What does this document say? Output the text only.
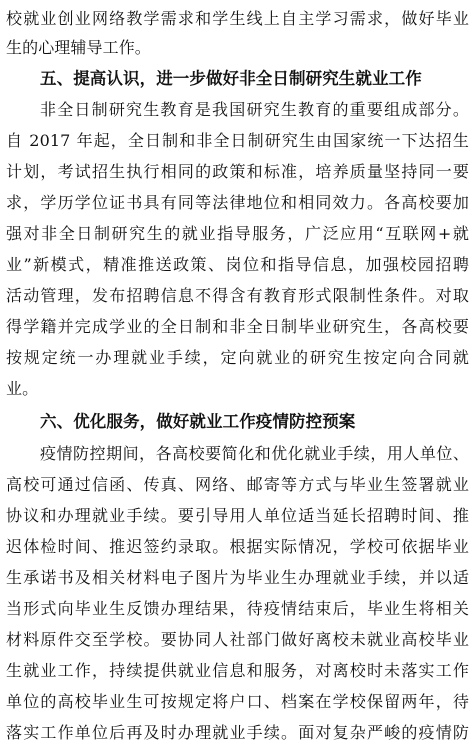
校就业创业网络教学需求和学生线上自主学习需求，做好毕业
生的心理辅导工作。
五、提高认识，进一步做好非全日制研究生就业工作
非全日制研究生教育是我国研究生教育的重要组成部分。
自 2017 年起，全日制和非全日制研究生由国家统一下达招生
计划，考试招生执行相同的政策和标准，培养质量坚持同一要
求，学历学位证书具有同等法律地位和相同效力。各高校要加
强对非全日制研究生的就业指导服务，广泛应用“互联网+就
业”新模式，精准推送政策、岗位和指导信息，加强校园招聘
活动管理，发布招聘信息不得含有教育形式限制性条件。对取
得学籍并完成学业的全日制和非全日制毕业研究生，各高校要
按规定统一办理就业手续，定向就业的研究生按定向合同就
业。
六、优化服务，做好就业工作疫情防控预案
疫情防控期间，各高校要简化和优化就业手续，用人单位、
高校可通过信函、传真、网络、邮寄等方式与毕业生签署就业
协议和办理就业手续。要引导用人单位适当延长招聘时间、推
迟体检时间、推迟签约录取。根据实际情况，学校可依据毕业
生承诺书及相关材料电子图片为毕业生办理就业手续，并以适
当形式向毕业生反馈办理结果，待疫情结束后，毕业生将相关
材料原件交至学校。要协同人社部门做好离校未就业高校毕业
生就业工作，持续提供就业信息和服务，对离校时未落实工作
单位的高校毕业生可按规定将户口、档案在学校保留两年，待
落实工作单位后再及时办理就业手续。面对复杂严峻的疫情防
